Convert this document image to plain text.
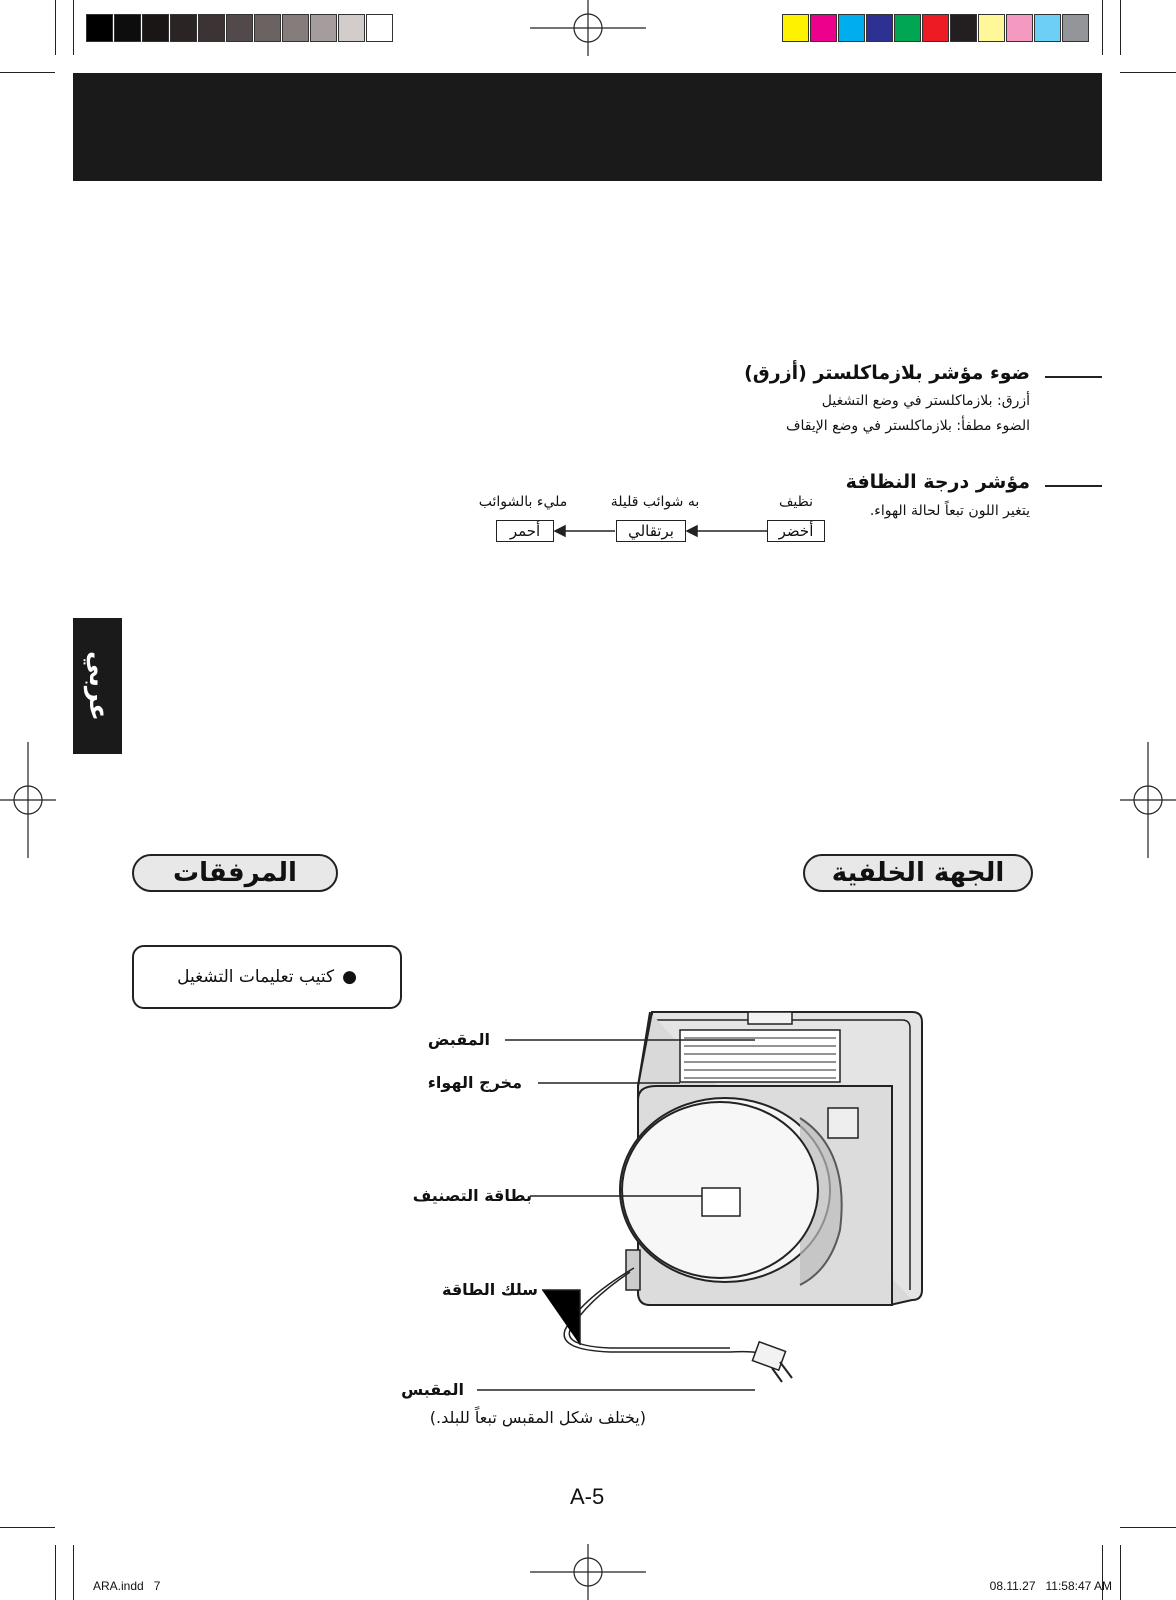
عربي
ضوء مؤشر بلازماكلستر (أزرق)
أزرق: بلازماكلستر في وضع التشغيل
الضوء مطفأ: بلازماكلستر في وضع الإيقاف
مؤشر درجة النظافة
يتغير اللون تبعاً لحالة الهواء.
نظيف
به شوائب قليلة
مليء بالشوائب
أخضر
برتقالي
أحمر
الجهة الخلفية
المرفقات
●
كتيب تعليمات التشغيل
المقبض
مخرج الهواء
بطاقة التصنيف
سلك الطاقة
المقبس
(يختلف شكل المقبس تبعاً للبلد.)
A-5
ARA.indd   7	08.11.27   11:58:47 AM
